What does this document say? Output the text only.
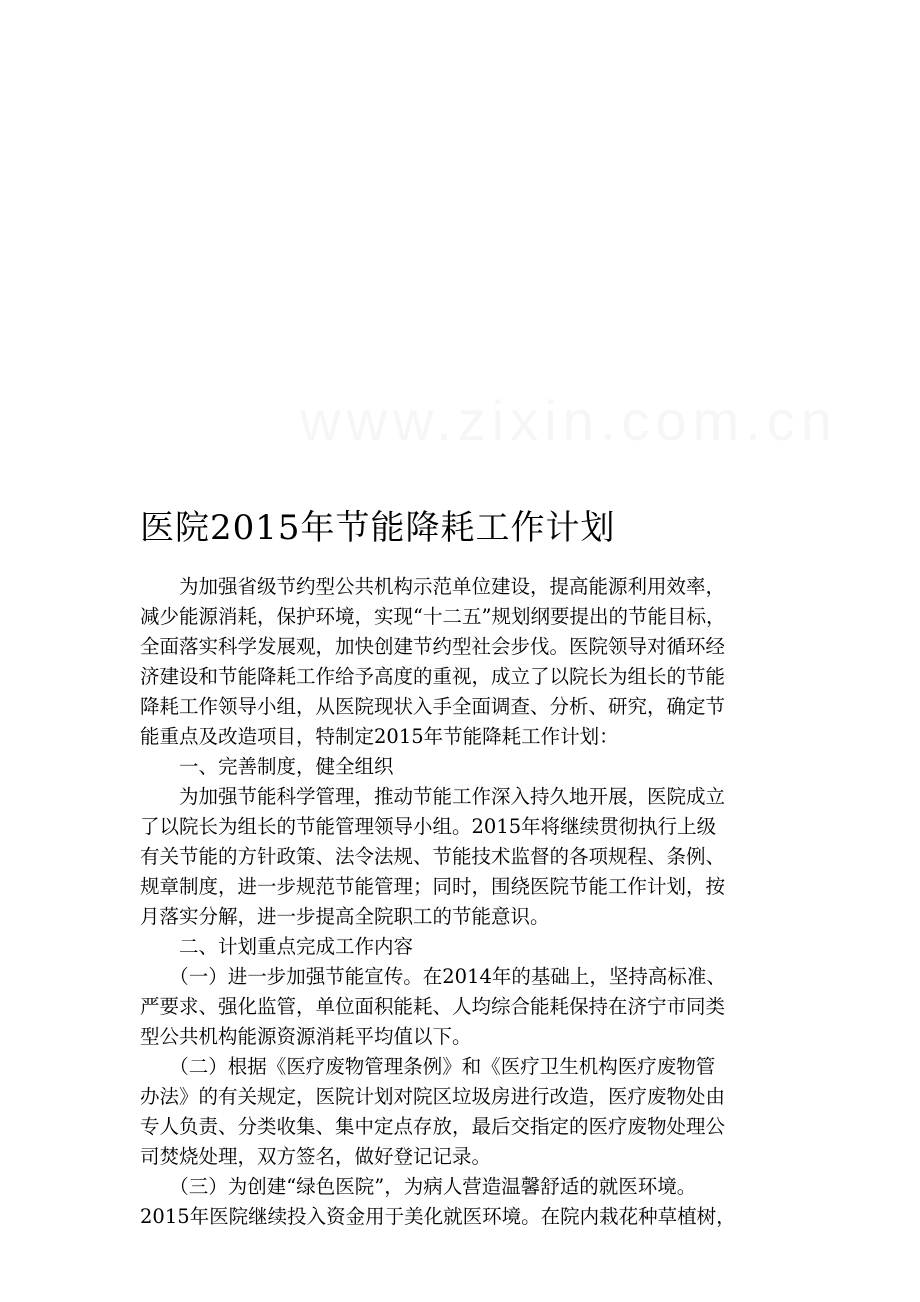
医院2015年节能降耗工作计划
　　为加强省级节约型公共机构示范单位建设，提高能源利用效率，
减少能源消耗，保护环境，实现“十二五”规划纲要提出的节能目标，
全面落实科学发展观，加快创建节约型社会步伐。医院领导对循环经
济建设和节能降耗工作给予高度的重视，成立了以院长为组长的节能
降耗工作领导小组，从医院现状入手全面调查、分析、研究，确定节
能重点及改造项目，特制定2015年节能降耗工作计划：
　　一、完善制度，健全组织
　　为加强节能科学管理，推动节能工作深入持久地开展，医院成立
了以院长为组长的节能管理领导小组。2015年将继续贯彻执行上级
有关节能的方针政策、法令法规、节能技术监督的各项规程、条例、
规章制度，进一步规范节能管理；同时，围绕医院节能工作计划，按
月落实分解，进一步提高全院职工的节能意识。
　　二、计划重点完成工作内容
　　（一）进一步加强节能宣传。在2014年的基础上，坚持高标准、
严要求、强化监管，单位面积能耗、人均综合能耗保持在济宁市同类
型公共机构能源资源消耗平均值以下。
　　（二）根据《医疗废物管理条例》和《医疗卫生机构医疗废物管
办法》的有关规定，医院计划对院区垃圾房进行改造，医疗废物处由
专人负责、分类收集、集中定点存放，最后交指定的医疗废物处理公
司焚烧处理，双方签名，做好登记记录。
　　（三）为创建“绿色医院”，为病人营造温馨舒适的就医环境。
2015年医院继续投入资金用于美化就医环境。在院内栽花种草植树，
